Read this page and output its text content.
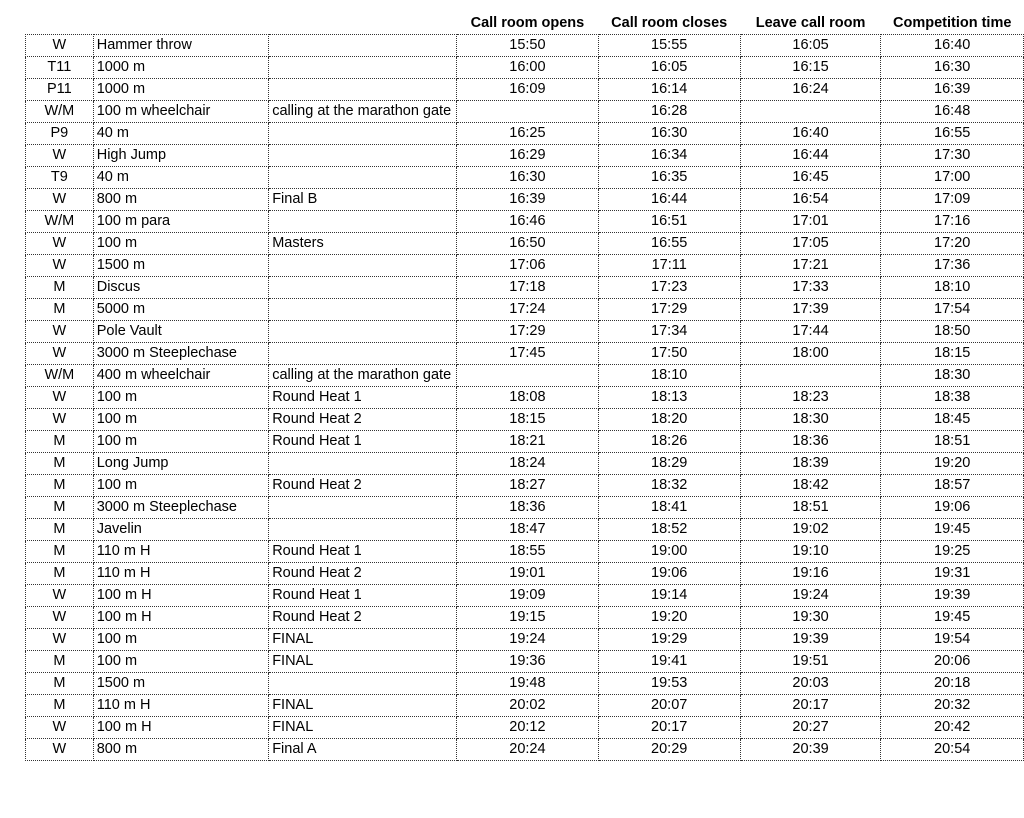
			Call room opens	Call room closes	Leave call room	Competition time
W	Hammer throw		15:50	15:55	16:05	16:40
T11	1000 m		16:00	16:05	16:15	16:30
P11	1000 m		16:09	16:14	16:24	16:39
W/M	100 m wheelchair	calling at the marathon gate		16:28		16:48
P9	40 m		16:25	16:30	16:40	16:55
W	High Jump		16:29	16:34	16:44	17:30
T9	40 m		16:30	16:35	16:45	17:00
W	800 m	Final B	16:39	16:44	16:54	17:09
W/M	100 m para		16:46	16:51	17:01	17:16
W	100 m	Masters	16:50	16:55	17:05	17:20
W	1500 m		17:06	17:11	17:21	17:36
M	Discus		17:18	17:23	17:33	18:10
M	5000 m		17:24	17:29	17:39	17:54
W	Pole Vault		17:29	17:34	17:44	18:50
W	3000 m Steeplechase		17:45	17:50	18:00	18:15
W/M	400 m wheelchair	calling at the marathon gate		18:10		18:30
W	100 m	Round Heat 1	18:08	18:13	18:23	18:38
W	100 m	Round Heat 2	18:15	18:20	18:30	18:45
M	100 m	Round Heat 1	18:21	18:26	18:36	18:51
M	Long Jump		18:24	18:29	18:39	19:20
M	100 m	Round Heat 2	18:27	18:32	18:42	18:57
M	3000 m Steeplechase		18:36	18:41	18:51	19:06
M	Javelin		18:47	18:52	19:02	19:45
M	110 m H	Round Heat 1	18:55	19:00	19:10	19:25
M	110 m H	Round Heat 2	19:01	19:06	19:16	19:31
W	100 m H	Round Heat 1	19:09	19:14	19:24	19:39
W	100 m H	Round Heat 2	19:15	19:20	19:30	19:45
W	100 m	FINAL	19:24	19:29	19:39	19:54
M	100 m	FINAL	19:36	19:41	19:51	20:06
M	1500 m		19:48	19:53	20:03	20:18
M	110 m H	FINAL	20:02	20:07	20:17	20:32
W	100 m H	FINAL	20:12	20:17	20:27	20:42
W	800 m	Final A	20:24	20:29	20:39	20:54
